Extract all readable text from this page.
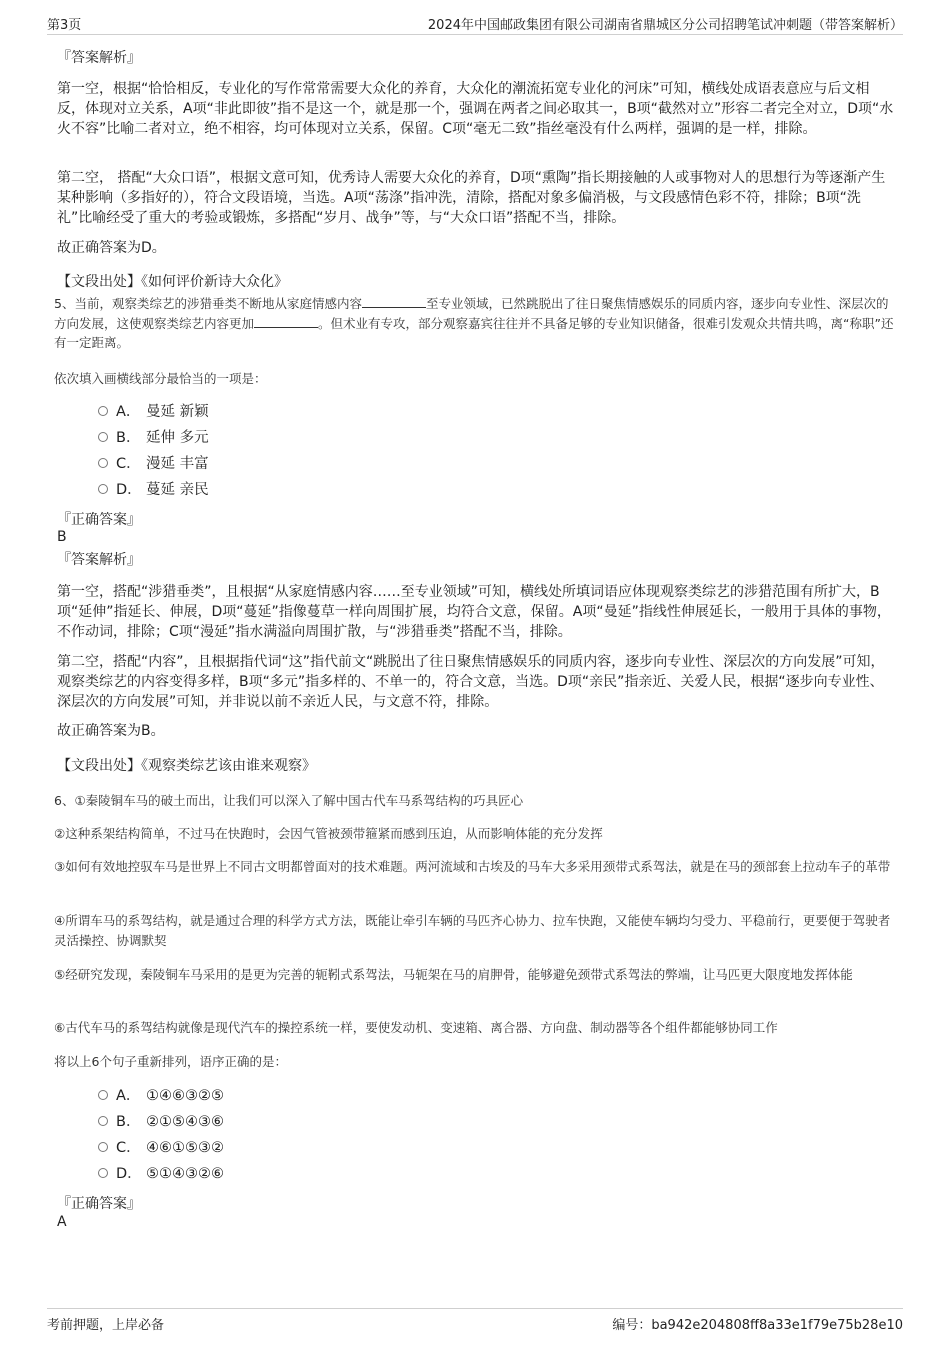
第3页	2024年中国邮政集团有限公司湖南省鼎城区分公司招聘笔试冲刺题（带答案解析）
『答案解析』

第一空，根据“恰恰相反，专业化的写作常常需要大众化的养育，大众化的潮流拓宽专业化的河床”可知，横线处成语表意应与后文相反，体现对立关系，A项“非此即彼”指不是这一个，就是那一个，强调在两者之间必取其一，B项“截然对立”形容二者完全对立，D项“水火不容”比喻二者对立，绝不相容，均可体现对立关系，保留。C项“毫无二致”指丝毫没有什么两样，强调的是一样，排除。

第二空， 搭配“大众口语”，根据文意可知，优秀诗人需要大众化的养育，D项“熏陶”指长期接触的人或事物对人的思想行为等逐渐产生某种影响（多指好的），符合文段语境，当选。A项“荡涤”指冲洗，清除，搭配对象多偏消极，与文段感情色彩不符，排除；B项“洗礼”比喻经受了重大的考验或锻炼，多搭配“岁月、战争”等，与“大众口语”搭配不当，排除。

故正确答案为D。

【文段出处】《如何评价新诗大众化》

5、当前，观察类综艺的涉猎垂类不断地从家庭情感内容	至专业领域，已然跳脱出了往日聚焦情感娱乐的同质内容，逐步向专业性、深层次的方向发展，这使观察类综艺内容更加	。但术业有专攻，部分观察嘉宾往往并不具备足够的专业知识储备，很难引发观众共情共鸣，离“称职”还有一定距离。

依次填入画横线部分最恰当的一项是：

A． 曼延 新颖
B． 延伸 多元
C． 漫延 丰富
D． 蔓延 亲民
『正确答案』
B
『答案解析』

第一空，搭配“涉猎垂类”，且根据“从家庭情感内容……至专业领域”可知，横线处所填词语应体现观察类综艺的涉猎范围有所扩大，B项“延伸”指延长、伸展，D项“蔓延”指像蔓草一样向周围扩展，均符合文意，保留。A项“曼延”指线性伸展延长，一般用于具体的事物，不作动词，排除；C项“漫延”指水满溢向周围扩散，与“涉猎垂类”搭配不当，排除。

第二空，搭配“内容”，且根据指代词“这”指代前文“跳脱出了往日聚焦情感娱乐的同质内容，逐步向专业性、深层次的方向发展”可知，观察类综艺的内容变得多样，B项“多元”指多样的、不单一的，符合文意，当选。D项“亲民”指亲近、关爱人民，根据“逐步向专业性、深层次的方向发展”可知，并非说以前不亲近人民，与文意不符，排除。

故正确答案为B。

【文段出处】《观察类综艺该由谁来观察》

6、①秦陵铜车马的破土而出，让我们可以深入了解中国古代车马系驾结构的巧具匠心

②这种系架结构简单，不过马在快跑时，会因气管被颈带箍紧而感到压迫，从而影响体能的充分发挥

③如何有效地控驭车马是世界上不同古文明都曾面对的技术难题。两河流域和古埃及的马车大多采用颈带式系驾法，就是在马的颈部套上拉动车子的革带

④所谓车马的系驾结构，就是通过合理的科学方式方法，既能让牵引车辆的马匹齐心协力、拉车快跑，又能使车辆均匀受力、平稳前行，更要便于驾驶者灵活操控、协调默契

⑤经研究发现，秦陵铜车马采用的是更为完善的轭靷式系驾法，马轭架在马的肩胛骨，能够避免颈带式系驾法的弊端，让马匹更大限度地发挥体能

⑥古代车马的系驾结构就像是现代汽车的操控系统一样，要使发动机、变速箱、离合器、方向盘、制动器等各个组件都能够协同工作

将以上6个句子重新排列，语序正确的是：

A． ①④⑥③②⑤
B． ②①⑤④③⑥
C． ④⑥①⑤③②
D． ⑤①④③②⑥
『正确答案』
A
考前押题，上岸必备	编号：ba942e204808ff8a33e1f79e75b28e10
